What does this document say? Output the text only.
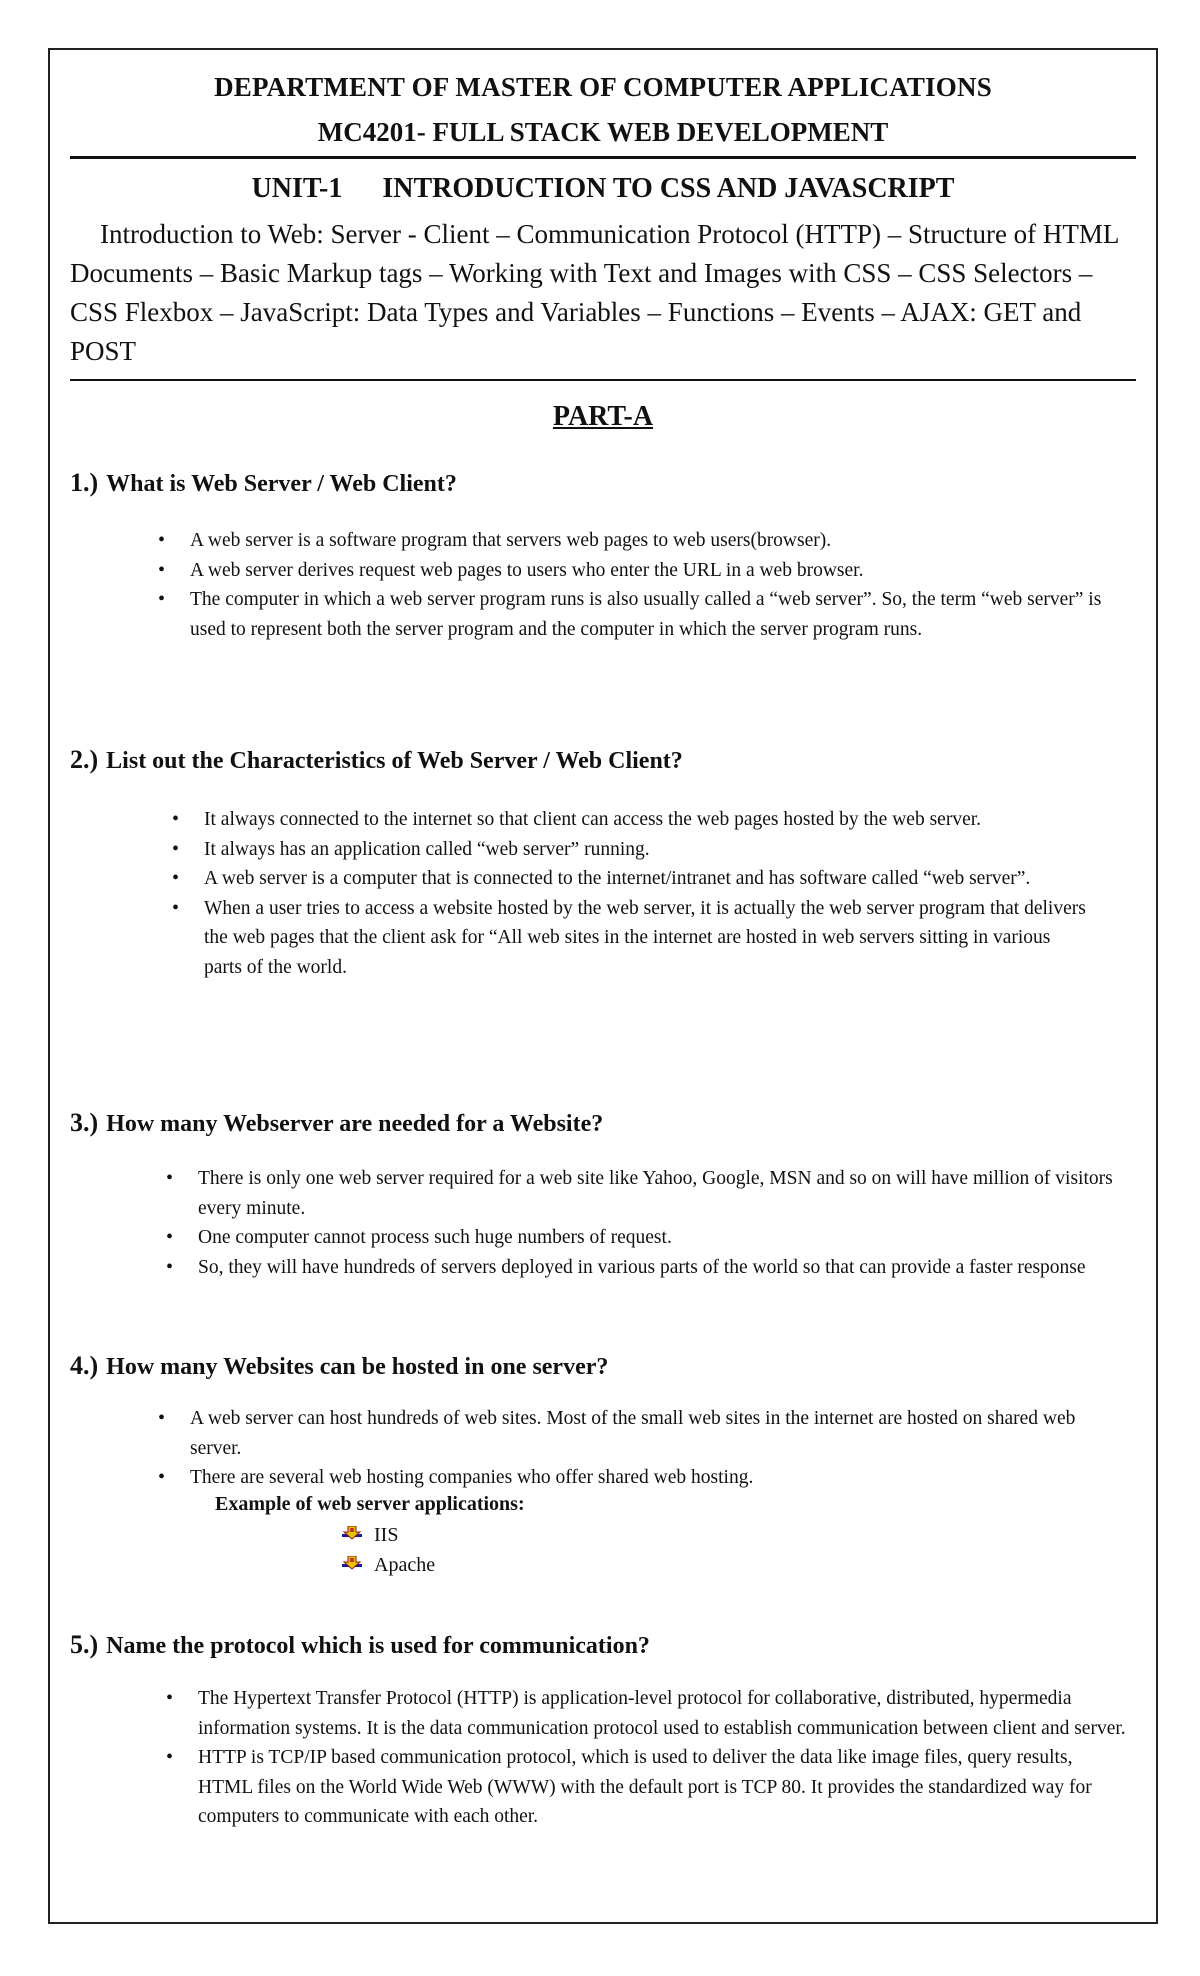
DEPARTMENT OF MASTER OF COMPUTER APPLICATIONS
MC4201- FULL STACK WEB DEVELOPMENT
UNIT-1 INTRODUCTION TO CSS AND JAVASCRIPT
Introduction to Web: Server - Client – Communication Protocol (HTTP) – Structure of HTML Documents – Basic Markup tags – Working with Text and Images with CSS – CSS Selectors – CSS Flexbox – JavaScript: Data Types and Variables – Functions – Events – AJAX: GET and POST
PART-A
1.) What is Web Server / Web Client?
• A web server is a software program that servers web pages to web users(browser).
• A web server derives request web pages to users who enter the URL in a web browser.
• The computer in which a web server program runs is also usually called a “web server”. So, the term “web server” is used to represent both the server program and the computer in which the server program runs.
2.) List out the Characteristics of Web Server / Web Client?
• It always connected to the internet so that client can access the web pages hosted by the web server.
• It always has an application called “web server” running.
• A web server is a computer that is connected to the internet/intranet and has software called “web server”.
• When a user tries to access a website hosted by the web server, it is actually the web server program that delivers the web pages that the client ask for “All web sites in the internet are hosted in web servers sitting in various parts of the world.
3.) How many Webserver are needed for a Website?
• There is only one web server required for a web site like Yahoo, Google, MSN and so on will have million of visitors every minute.
• One computer cannot process such huge numbers of request.
• So, they will have hundreds of servers deployed in various parts of the world so that can provide a faster response
4.) How many Websites can be hosted in one server?
• A web server can host hundreds of web sites. Most of the small web sites in the internet are hosted on shared web server.
• There are several web hosting companies who offer shared web hosting.
Example of web server applications:
IIS
Apache
5.) Name the protocol which is used for communication?
• The Hypertext Transfer Protocol (HTTP) is application-level protocol for collaborative, distributed, hypermedia information systems. It is the data communication protocol used to establish communication between client and server.
• HTTP is TCP/IP based communication protocol, which is used to deliver the data like image files, query results, HTML files on the World Wide Web (WWW) with the default port is TCP 80. It provides the standardized way for computers to communicate with each other.
